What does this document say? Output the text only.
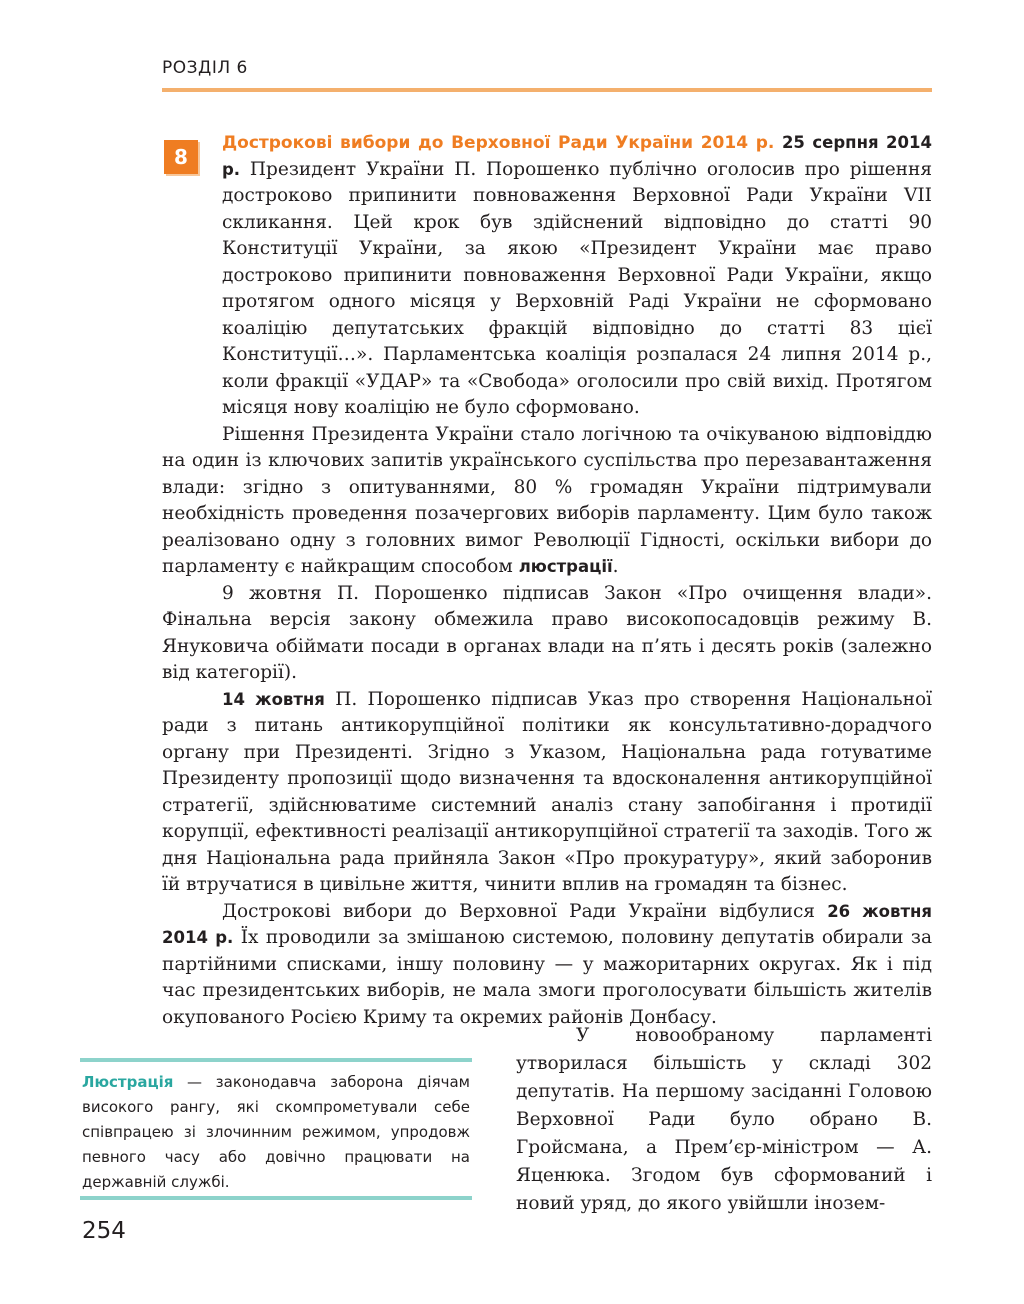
РОЗДІЛ 6
8

Дострокові вибори до Верховної Ради України 2014 р. 25 серпня 2014 р. Президент України П. Порошенко публічно оголосив про рішення достроково припинити повноваження Верховної Ради України VII скликання. Цей крок був здійснений відповідно до статті 90 Конституції України, за якою «Президент України має право достроково припинити повноваження Верховної Ради України, якщо протягом одного місяця у Верховній Раді України не сформовано коаліцію депутатських фракцій відповідно до статті 83 цієї Конституції…». Парламентська коаліція розпалася 24 липня 2014 р., коли фракції «УДАР» та «Свобода» оголосили про свій вихід. Протягом місяця нову коаліцію не було сформовано.

Рішення Президента України стало логічною та очікуваною відповіддю на один із ключових запитів українського суспільства про перезавантаження влади: згідно з опитуваннями, 80 % громадян України підтримували необхідність проведення позачергових виборів парламенту. Цим було також реалізовано одну з головних вимог Революції Гідності, оскільки вибори до парламенту є найкращим способом люстрації.

9 жовтня П. Порошенко підписав Закон «Про очищення влади». Фінальна версія закону обмежила право високопосадовців режиму В. Януковича обіймати посади в органах влади на п’ять і десять років (залежно від категорії).

14 жовтня П. Порошенко підписав Указ про створення Національної ради з питань антикорупційної політики як консультативно-дорадчого органу при Президенті. Згідно з Указом, Національна рада готуватиме Президенту пропозиції щодо визначення та вдосконалення антикорупційної стратегії, здійснюватиме системний аналіз стану запобігання і протидії корупції, ефективності реалізації антикорупційної стратегії та заходів. Того ж дня Національна рада прийняла Закон «Про прокуратуру», який заборонив їй втручатися в цивільне життя, чинити вплив на громадян та бізнес.

Дострокові вибори до Верховної Ради України відбулися 26 жовтня 2014 р. Їх проводили за змішаною системою, половину депутатів обирали за партійними списками, іншу половину — у мажоритарних округах. Як і під час президентських виборів, не мала змоги проголосувати більшість жителів окупованого Росією Криму та окремих районів Донбасу.

У новообраному парламенті утворилася більшість у складі 302 депутатів. На першому засіданні Головою Верховної Ради було обрано В. Гройсмана, а Прем’єр-міністром — А. Яценюка. Згодом був сформований і новий уряд, до якого увійшли інозем-

Люстрація — законодавча заборона діячам високого рангу, які скомпрометували себе співпрацею зі злочинним режимом, упродовж певного часу або довічно працювати на державній службі.
254
